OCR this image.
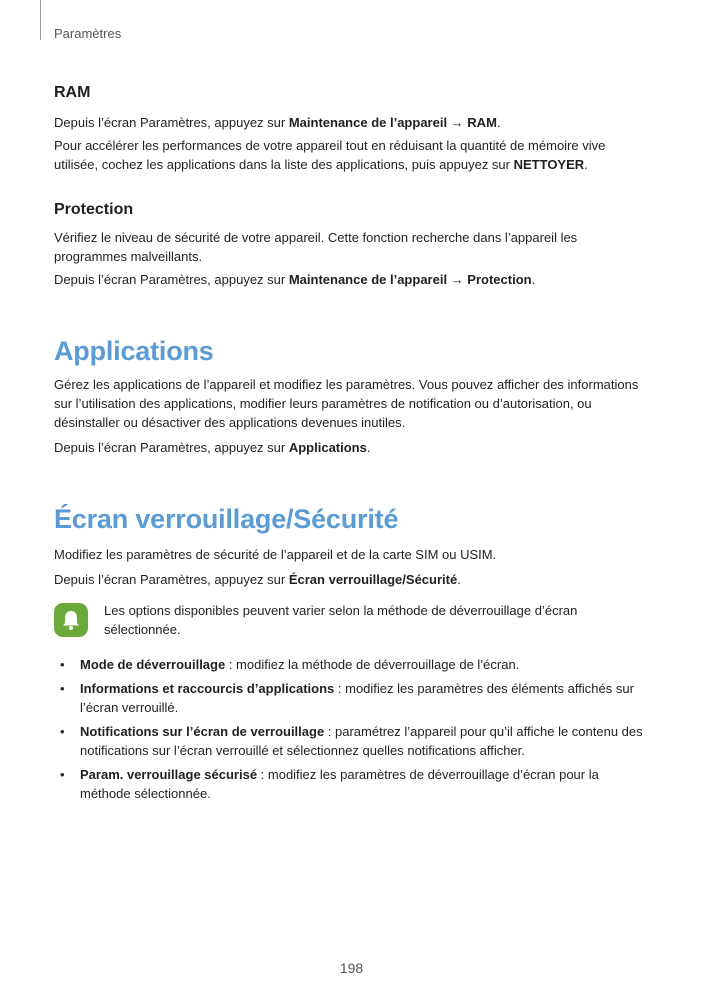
Paramètres
RAM

Depuis l’écran Paramètres, appuyez sur Maintenance de l’appareil → RAM.

Pour accélérer les performances de votre appareil tout en réduisant la quantité de mémoire vive
utilisée, cochez les applications dans la liste des applications, puis appuyez sur NETTOYER.

Protection

Vérifiez le niveau de sécurité de votre appareil. Cette fonction recherche dans l’appareil les
programmes malveillants.

Depuis l’écran Paramètres, appuyez sur Maintenance de l’appareil → Protection.

Applications

Gérez les applications de l’appareil et modifiez les paramètres. Vous pouvez afficher des informations
sur l’utilisation des applications, modifier leurs paramètres de notification ou d’autorisation, ou
désinstaller ou désactiver des applications devenues inutiles.

Depuis l’écran Paramètres, appuyez sur Applications.

Écran verrouillage/Sécurité

Modifiez les paramètres de sécurité de l’appareil et de la carte SIM ou USIM.

Depuis l’écran Paramètres, appuyez sur Écran verrouillage/Sécurité.

Les options disponibles peuvent varier selon la méthode de déverrouillage d’écran
sélectionnée.

• Mode de déverrouillage : modifiez la méthode de déverrouillage de l’écran.
• Informations et raccourcis d’applications : modifiez les paramètres des éléments affichés sur
l’écran verrouillé.
• Notifications sur l’écran de verrouillage : paramétrez l’appareil pour qu’il affiche le contenu des
notifications sur l’écran verrouillé et sélectionnez quelles notifications afficher.
• Param. verrouillage sécurisé : modifiez les paramètres de déverrouillage d’écran pour la
méthode sélectionnée.
198
